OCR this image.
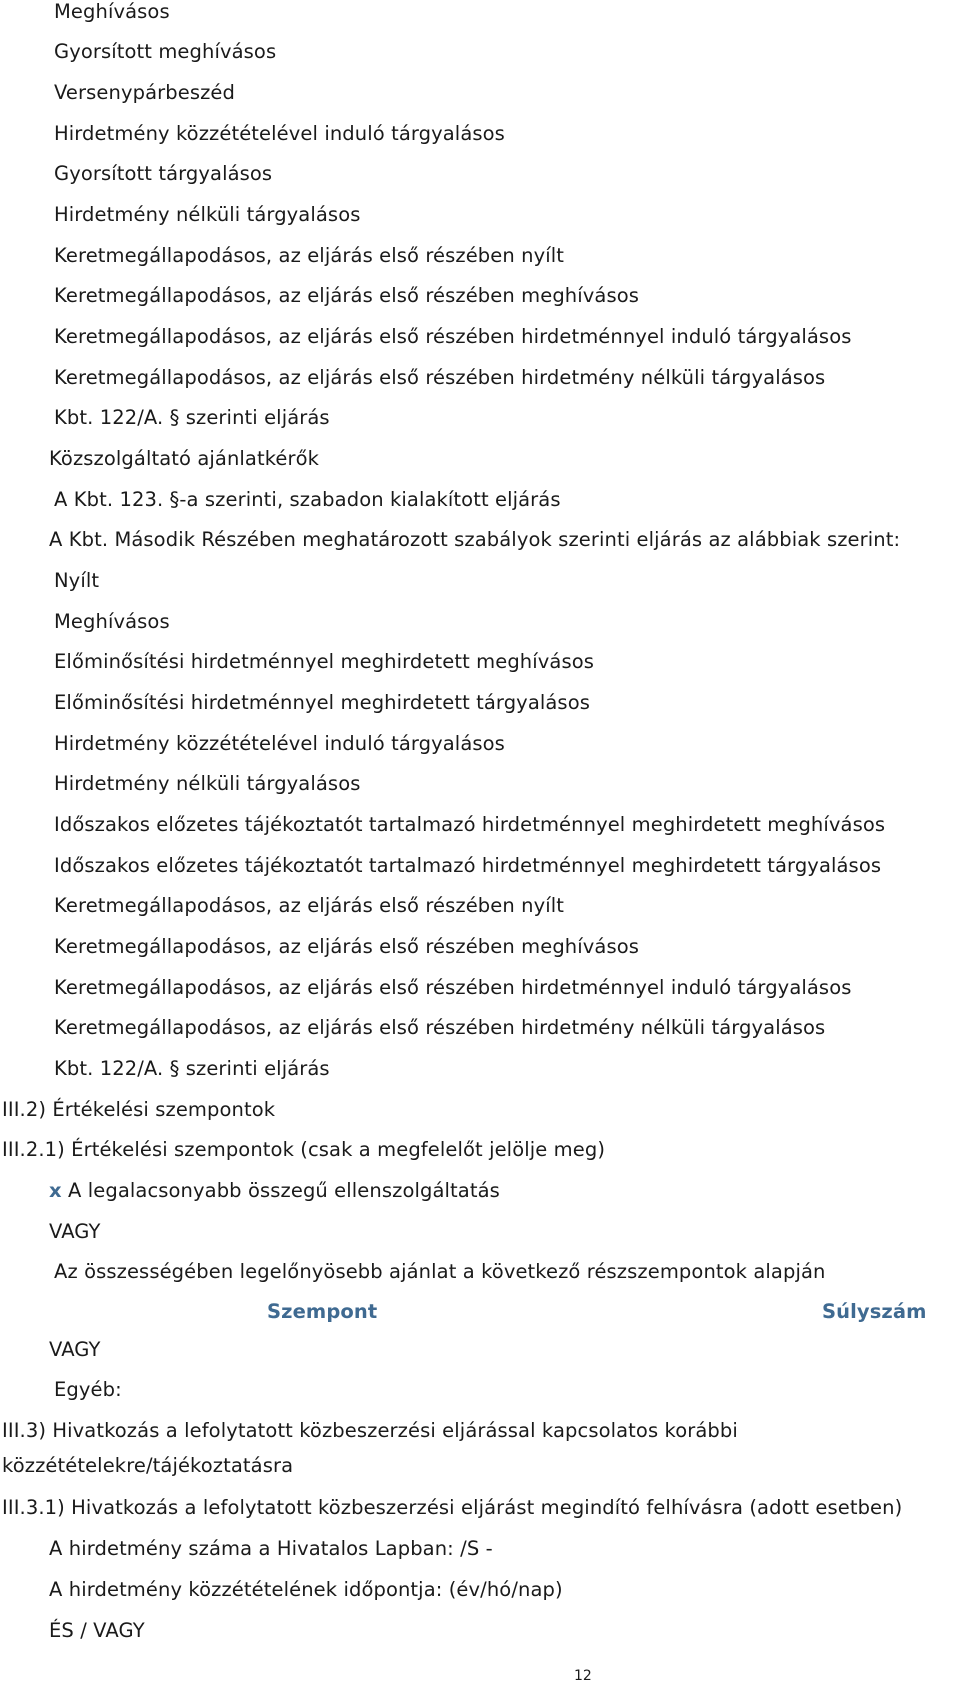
Meghívásos
Gyorsított meghívásos
Versenypárbeszéd
Hirdetmény közzétételével induló tárgyalásos
Gyorsított tárgyalásos
Hirdetmény nélküli tárgyalásos
Keretmegállapodásos, az eljárás első részében nyílt
Keretmegállapodásos, az eljárás első részében meghívásos
Keretmegállapodásos, az eljárás első részében hirdetménnyel induló tárgyalásos
Keretmegállapodásos, az eljárás első részében hirdetmény nélküli tárgyalásos
Kbt. 122/A. § szerinti eljárás
Közszolgáltató ajánlatkérők
A Kbt. 123. §-a szerinti, szabadon kialakított eljárás
A Kbt. Második Részében meghatározott szabályok szerinti eljárás az alábbiak szerint:
Nyílt
Meghívásos
Előminősítési hirdetménnyel meghirdetett meghívásos
Előminősítési hirdetménnyel meghirdetett tárgyalásos
Hirdetmény közzétételével induló tárgyalásos
Hirdetmény nélküli tárgyalásos
Időszakos előzetes tájékoztatót tartalmazó hirdetménnyel meghirdetett meghívásos
Időszakos előzetes tájékoztatót tartalmazó hirdetménnyel meghirdetett tárgyalásos
Keretmegállapodásos, az eljárás első részében nyílt
Keretmegállapodásos, az eljárás első részében meghívásos
Keretmegállapodásos, az eljárás első részében hirdetménnyel induló tárgyalásos
Keretmegállapodásos, az eljárás első részében hirdetmény nélküli tárgyalásos
Kbt. 122/A. § szerinti eljárás
III.2) Értékelési szempontok
III.2.1) Értékelési szempontok (csak a megfelelőt jelölje meg)
x A legalacsonyabb összegű ellenszolgáltatás
VAGY
Az összességében legelőnyösebb ajánlat a következő részszempontok alapján
Szempont	Súlyszám
VAGY
Egyéb:
III.3) Hivatkozás a lefolytatott közbeszerzési eljárással kapcsolatos korábbi
közzétételekre/tájékoztatásra
III.3.1) Hivatkozás a lefolytatott közbeszerzési eljárást megindító felhívásra (adott esetben)
A hirdetmény száma a Hivatalos Lapban: /S -
A hirdetmény közzétételének időpontja: (év/hó/nap)
ÉS / VAGY
12
